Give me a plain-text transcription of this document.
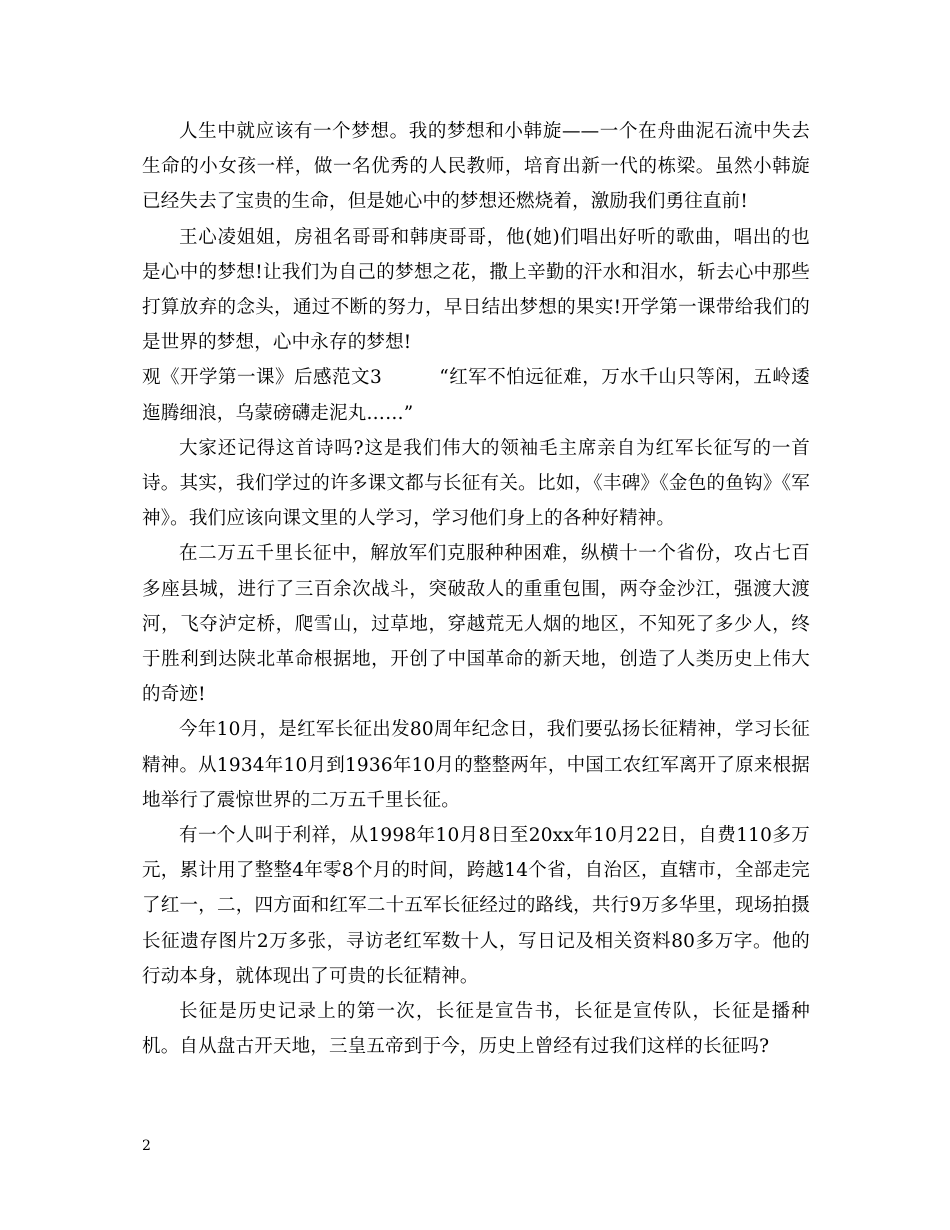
人生中就应该有一个梦想。我的梦想和小韩旋——一个在舟曲泥石流中失去生命的小女孩一样，做一名优秀的人民教师，培育出新一代的栋梁。虽然小韩旋已经失去了宝贵的生命，但是她心中的梦想还燃烧着，激励我们勇往直前!

王心凌姐姐，房祖名哥哥和韩庚哥哥，他(她)们唱出好听的歌曲，唱出的也是心中的梦想!让我们为自己的梦想之花，撒上辛勤的汗水和泪水，斩去心中那些打算放弃的念头，通过不断的努力，早日结出梦想的果实!开学第一课带给我们的是世界的梦想，心中永存的梦想!

观《开学第一课》后感范文3　　　“红军不怕远征难，万水千山只等闲，五岭逶迤腾细浪，乌蒙磅礴走泥丸……”

大家还记得这首诗吗?这是我们伟大的领袖毛主席亲自为红军长征写的一首诗。其实，我们学过的许多课文都与长征有关。比如，《丰碑》《金色的鱼钩》《军神》。我们应该向课文里的人学习，学习他们身上的各种好精神。

在二万五千里长征中，解放军们克服种种困难，纵横十一个省份，攻占七百多座县城，进行了三百余次战斗，突破敌人的重重包围，两夺金沙江，强渡大渡河，飞夺泸定桥，爬雪山，过草地，穿越荒无人烟的地区，不知死了多少人，终于胜利到达陕北革命根据地，开创了中国革命的新天地，创造了人类历史上伟大的奇迹!

今年10月，是红军长征出发80周年纪念日，我们要弘扬长征精神，学习长征精神。从1934年10月到1936年10月的整整两年，中国工农红军离开了原来根据地举行了震惊世界的二万五千里长征。

有一个人叫于利祥，从1998年10月8日至20xx年10月22日，自费110多万元，累计用了整整4年零8个月的时间，跨越14个省，自治区，直辖市，全部走完了红一，二，四方面和红军二十五军长征经过的路线，共行9万多华里，现场拍摄长征遗存图片2万多张，寻访老红军数十人，写日记及相关资料80多万字。他的行动本身，就体现出了可贵的长征精神。

长征是历史记录上的第一次，长征是宣告书，长征是宣传队，长征是播种机。自从盘古开天地，三皇五帝到于今，历史上曾经有过我们这样的长征吗?

2
